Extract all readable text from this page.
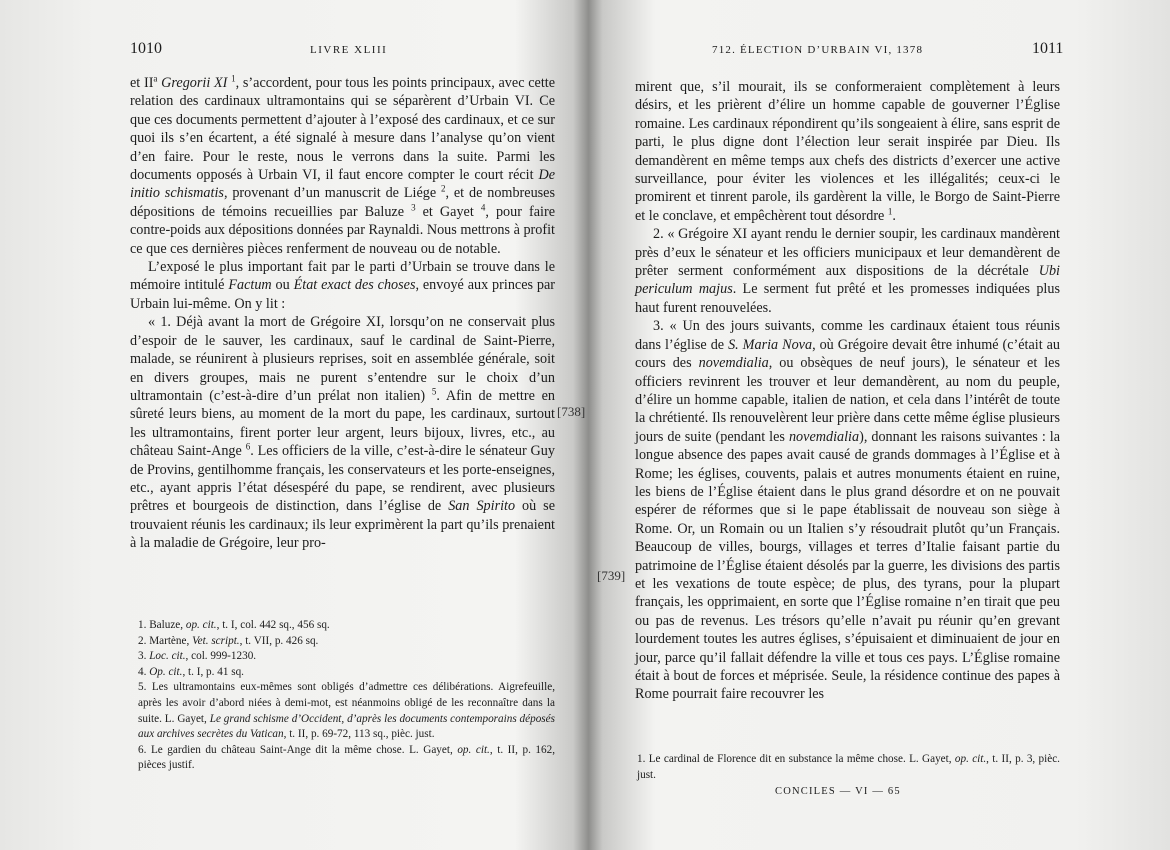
1010	LIVRE XLIII

et $II^a$ Gregorii XI $^1$, s’accordent, pour tous les points principaux, avec cette relation des cardinaux ultramontains qui se séparèrent d’Urbain VI. Ce que ces documents permettent d’ajouter à l’exposé des cardinaux, et ce sur quoi ils s’en écartent, a été signalé à mesure dans l’analyse qu’on vient d’en faire. Pour le reste, nous le verrons dans la suite. Parmi les documents opposés à Urbain VI, il faut encore compter le court récit De initio schismatis, provenant d’un manuscrit de Liége $^2$, et de nombreuses dépositions de témoins recueillies par Baluze $^3$ et Gayet $^4$, pour faire contre-poids aux dépositions données par Raynaldi. Nous mettrons à profit ce que ces dernières pièces renferment de nouveau ou de notable.

L’exposé le plus important fait par le parti d’Urbain se trouve dans le mémoire intitulé Factum ou État exact des choses, envoyé aux princes par Urbain lui-même. On y lit :

« 1. Déjà avant la mort de Grégoire XI, lorsqu’on ne conservait plus d’espoir de le sauver, les cardinaux, sauf le cardinal de Saint-Pierre, malade, se réunirent à plusieurs reprises, soit en assemblée générale, soit en divers groupes, mais ne purent s’entendre sur le choix d’un ultramontain (c’est-à-dire d’un prélat non italien) $^5$. Afin de mettre en sûreté leurs biens, au moment de la mort du pape, les cardinaux, surtout les ultramontains, firent porter leur argent, leurs bijoux, livres, etc., au château Saint-Ange $^6$. Les officiers de la ville, c’est-à-dire le sénateur Guy de Provins, gentilhomme français, les conservateurs et les porte-enseignes, etc., ayant appris l’état désespéré du pape, se rendirent, avec plusieurs prêtres et bourgeois de distinction, dans l’église de San Spirito où se trouvaient réunis les cardinaux; ils leur exprimèrent la part qu’ils prenaient à la maladie de Grégoire, leur pro-

1. Baluze, op. cit., t. I, col. 442 sq., 456 sq.

2. Martène, Vet. script., t. VII, p. 426 sq.

3. Loc. cit., col. 999-1230.

4. Op. cit., t. I, p. 41 sq.

5. Les ultramontains eux-mêmes sont obligés d’admettre ces délibérations. Aigrefeuille, après les avoir d’abord niées à demi-mot, est néanmoins obligé de les reconnaître dans la suite. L. Gayet, Le grand schisme d’Occident, d’après les documents contemporains déposés aux archives secrètes du Vatican, t. II, p. 69-72, 113 sq., pièc. just.

6. Le gardien du château Saint-Ange dit la même chose. L. Gayet, op. cit., t. II, p. 162, pièces justif.

[738]
712. ÉLECTION D’URBAIN VI, 1378	1011

mirent que, s’il mourait, ils se conformeraient complètement à leurs désirs, et les prièrent d’élire un homme capable de gouverner l’Église romaine. Les cardinaux répondirent qu’ils songeaient à élire, sans esprit de parti, le plus digne dont l’élection leur serait inspirée par Dieu. Ils demandèrent en même temps aux chefs des districts d’exercer une active surveillance, pour éviter les violences et les illégalités; ceux-ci le promirent et tinrent parole, ils gardèrent la ville, le Borgo de Saint-Pierre et le conclave, et empêchèrent tout désordre $^1$.

2. « Grégoire XI ayant rendu le dernier soupir, les cardinaux mandèrent près d’eux le sénateur et les officiers municipaux et leur demandèrent de prêter serment conformément aux dispositions de la décrétale Ubi periculum majus. Le serment fut prêté et les promesses indiquées plus haut furent renouvelées.

3. « Un des jours suivants, comme les cardinaux étaient tous réunis dans l’église de S. Maria Nova, où Grégoire devait être inhumé (c’était au cours des novemdialia, ou obsèques de neuf jours), le sénateur et les officiers revinrent les trouver et leur demandèrent, au nom du peuple, d’élire un homme capable, italien de nation, et cela dans l’intérêt de toute la chrétienté. Ils renouvelèrent leur prière dans cette même église plusieurs jours de suite (pendant les novemdialia), donnant les raisons suivantes : la longue absence des papes avait causé de grands dommages à l’Église et à Rome; les églises, couvents, palais et autres monuments étaient en ruine, les biens de l’Église étaient dans le plus grand désordre et on ne pouvait espérer de réformes que si le pape établissait de nouveau son siège à Rome. Or, un Romain ou un Italien s’y résoudrait plutôt qu’un Français. Beaucoup de villes, bourgs, villages et terres d’Italie faisant partie du patrimoine de l’Église étaient désolés par la guerre, les divisions des partis et les vexations de toute espèce; de plus, des tyrans, pour la plupart français, les opprimaient, en sorte que l’Église romaine n’en tirait que peu ou pas de revenus. Les trésors qu’elle n’avait pu réunir qu’en grevant lourdement toutes les autres églises, s’épuisaient et diminuaient de jour en jour, parce qu’il fallait défendre la ville et tous ces pays. L’Église romaine était à bout de forces et méprisée. Seule, la résidence continue des papes à Rome pourrait faire recouvrer les

1. Le cardinal de Florence dit en substance la même chose. L. Gayet, op. cit., t. II, p. 3, pièc. just.

CONCILES — VI — 65
[739]
